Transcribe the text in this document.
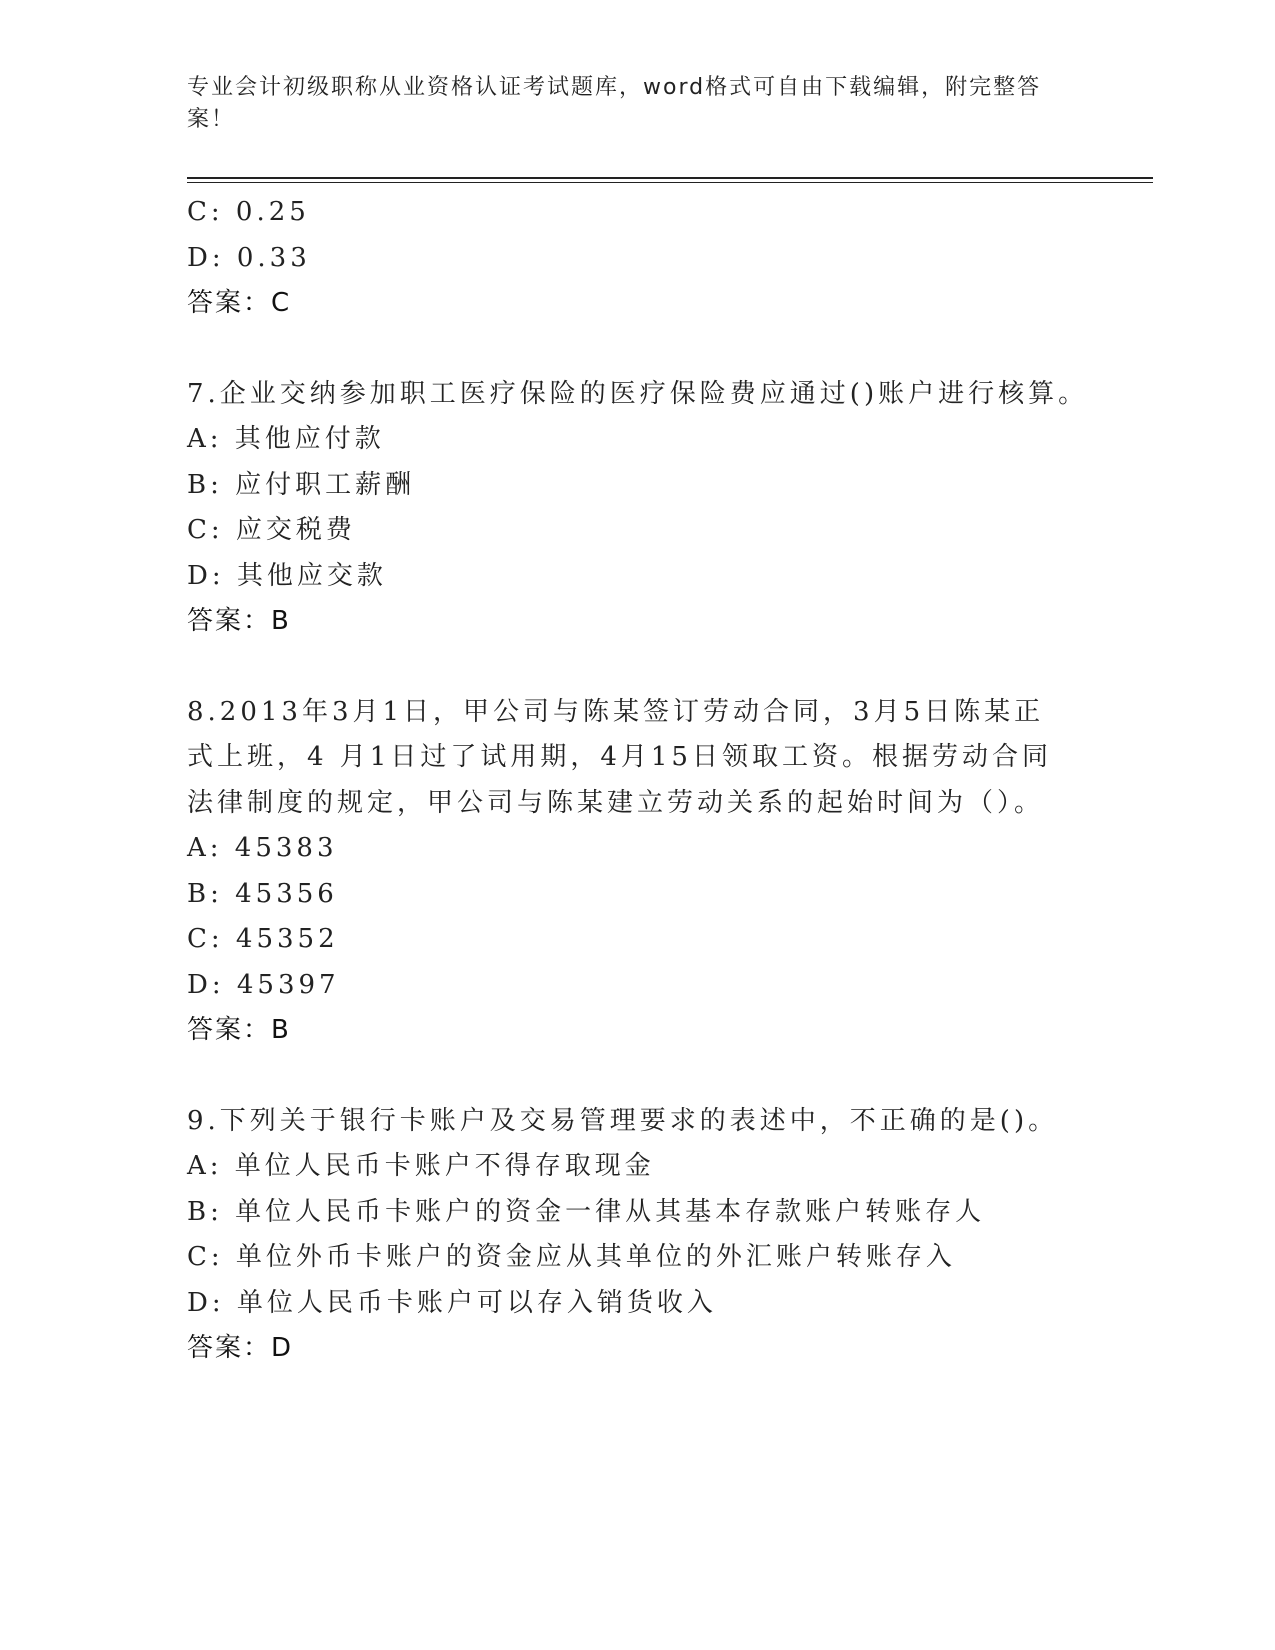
专业会计初级职称从业资格认证考试题库，word格式可自由下载编辑，附完整答案！
C: 0.25
D: 0.33
答案：C
7.企业交纳参加职工医疗保险的医疗保险费应通过()账户进行核算。
A: 其他应付款
B: 应付职工薪酬
C: 应交税费
D: 其他应交款
答案：B
8.2013年3月1日，甲公司与陈某签订劳动合同，3月5日陈某正式上班，4 月1日过了试用期，4月15日领取工资。根据劳动合同法律制度的规定，甲公司与陈某建立劳动关系的起始时间为（）。
A: 45383
B: 45356
C: 45352
D: 45397
答案：B
9.下列关于银行卡账户及交易管理要求的表述中，不正确的是()。
A: 单位人民币卡账户不得存取现金
B: 单位人民币卡账户的资金一律从其基本存款账户转账存人
C: 单位外币卡账户的资金应从其单位的外汇账户转账存入
D: 单位人民币卡账户可以存入销货收入
答案：D
